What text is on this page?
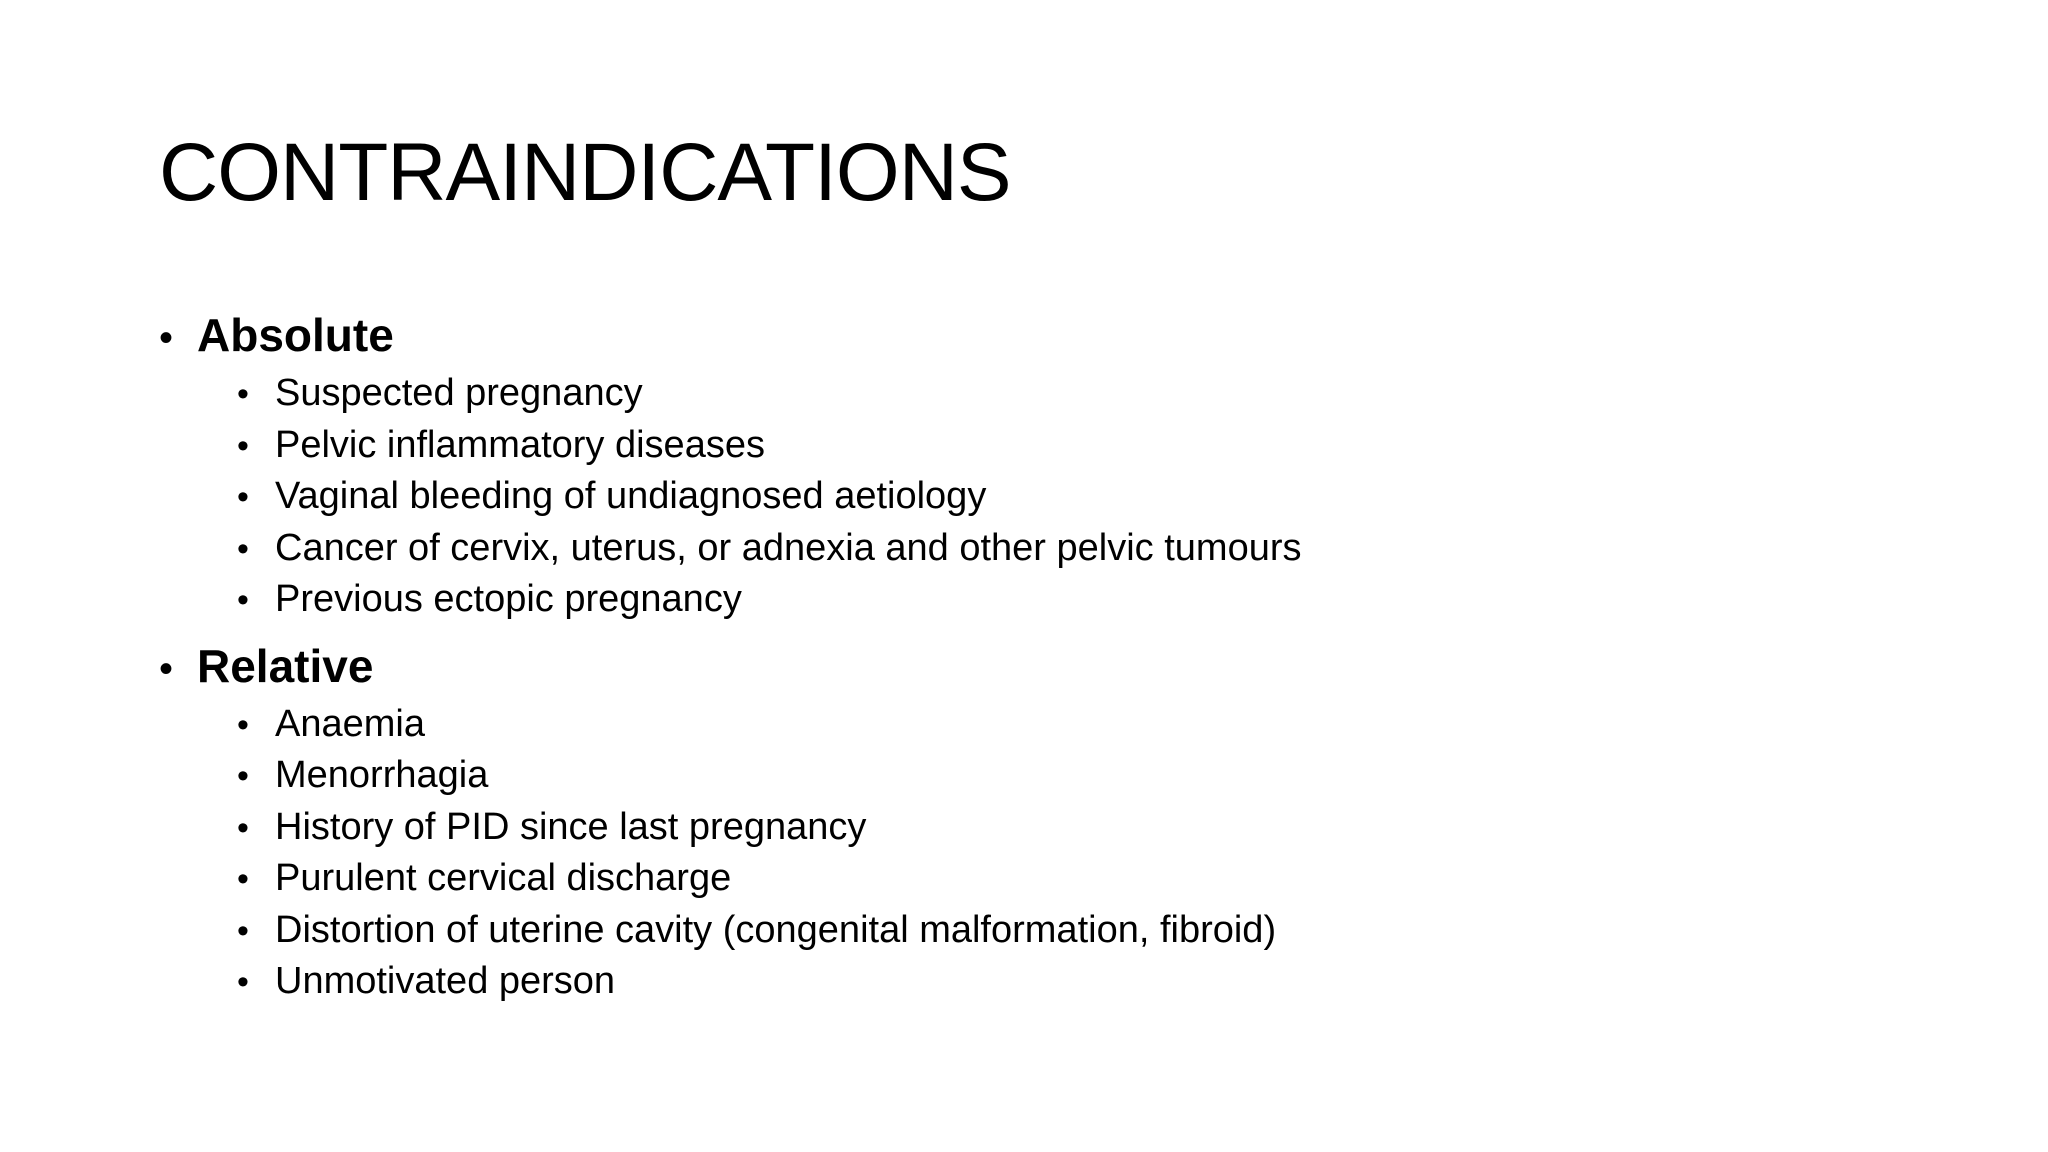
CONTRAINDICATIONS
• Absolute
• Suspected pregnancy
• Pelvic inflammatory diseases
• Vaginal bleeding of undiagnosed aetiology
• Cancer of cervix, uterus, or adnexia and other pelvic tumours
• Previous ectopic pregnancy
• Relative
• Anaemia
• Menorrhagia
• History of PID since last pregnancy
• Purulent cervical discharge
• Distortion of uterine cavity (congenital malformation, fibroid)
• Unmotivated person
